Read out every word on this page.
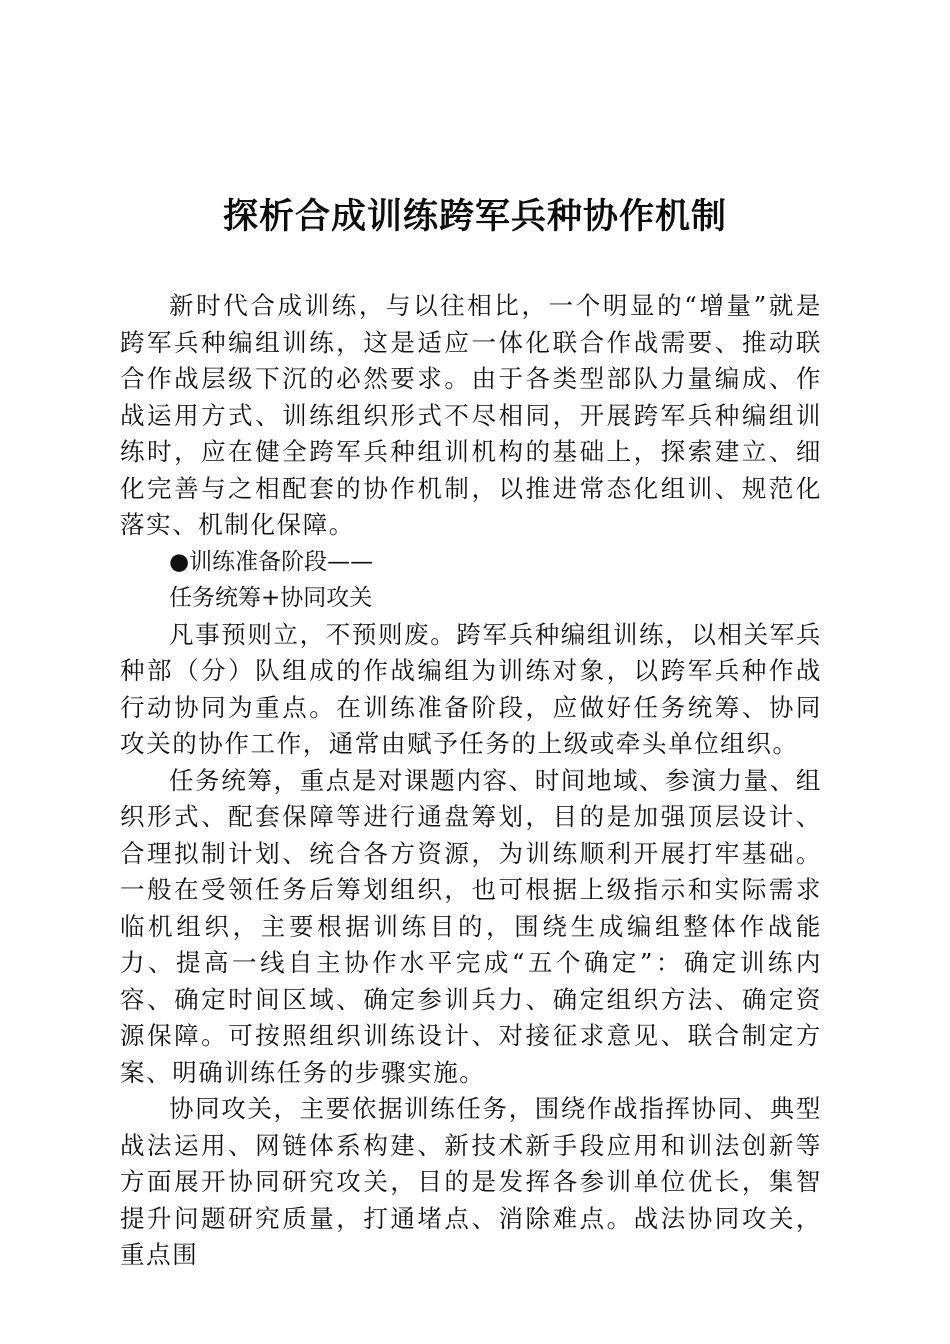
探析合成训练跨军兵种协作机制

新时代合成训练，与以往相比，一个明显的“增量”就是跨军兵种编组训练，这是适应一体化联合作战需要、推动联合作战层级下沉的必然要求。由于各类型部队力量编成、作战运用方式、训练组织形式不尽相同，开展跨军兵种编组训练时，应在健全跨军兵种组训机构的基础上，探索建立、细化完善与之相配套的协作机制，以推进常态化组训、规范化落实、机制化保障。

●训练准备阶段——

任务统筹+协同攻关

凡事预则立，不预则废。跨军兵种编组训练，以相关军兵种部（分）队组成的作战编组为训练对象，以跨军兵种作战行动协同为重点。在训练准备阶段，应做好任务统筹、协同攻关的协作工作，通常由赋予任务的上级或牵头单位组织。

任务统筹，重点是对课题内容、时间地域、参演力量、组织形式、配套保障等进行通盘筹划，目的是加强顶层设计、合理拟制计划、统合各方资源，为训练顺利开展打牢基础。一般在受领任务后筹划组织，也可根据上级指示和实际需求临机组织，主要根据训练目的，围绕生成编组整体作战能力、提高一线自主协作水平完成“五个确定”：确定训练内容、确定时间区域、确定参训兵力、确定组织方法、确定资源保障。可按照组织训练设计、对接征求意见、联合制定方案、明确训练任务的步骤实施。

协同攻关，主要依据训练任务，围绕作战指挥协同、典型战法运用、网链体系构建、新技术新手段应用和训法创新等方面展开协同研究攻关，目的是发挥各参训单位优长，集智提升问题研究质量，打通堵点、消除难点。战法协同攻关，重点围
